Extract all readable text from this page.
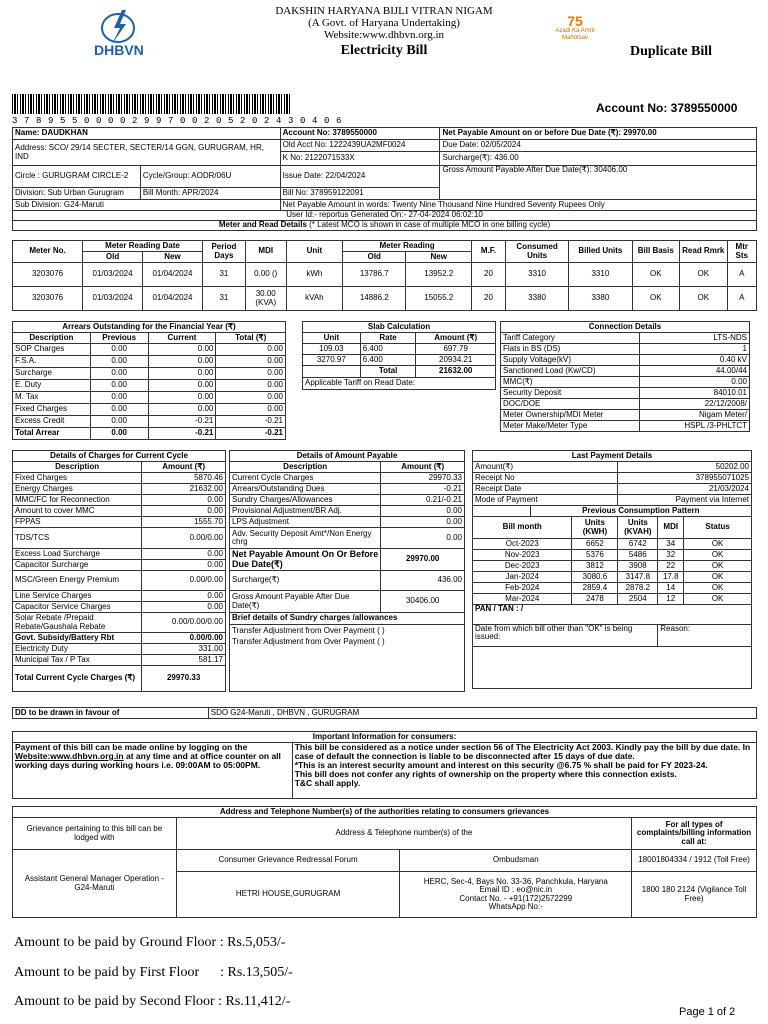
DHBVN
DAKSHIN HARYANA BIJLI VITRAN NIGAM
(A Govt. of Haryana Undertaking)
Website:www.dhbvn.org.in
Electricity Bill
75
Azadi Ka Amrit Mahotsav
Duplicate Bill
3 7 8 9 5 5 0 0 0 0 2 9 9 7 0 0 2 0 5 2 0 2 4 3 0 4 0 6
Account No: 3789550000
Name: DAUDKHAN		Account No: 3789550000	Net Payable Amount on or before Due Date (₹): 29970.00
Address: SCO/ 29/14 SECTER, SECTER/14 GGN, GURUGRAM, HR, IND		Old Acct No: 1222439UA2MF0024	Due Date: 02/05/2024
		K No: 2122071533X	Surcharge(₹): 436.00
Circle : GURUGRAM CIRCLE-2	Cycle/Group: AODR/06U	Issue Date: 22/04/2024	Gross Amount Payable After Due Date(₹): 30406.00
Division: Sub Urban Gurugram	Bill Month: APR/2024	Bill No: 378959122091	
Sub Division: G24-Maruti		Net Payable Amount in words: Twenty Nine Thousand Nine Hundred Seventy Rupees Only	
User Id:- reportus Generated On:- 27-04-2024 06:02:10			
Meter and Read Details (* Latest MCO is shown in case of multiple MCO in one billing cycle)			
Meter No.	Meter Reading Date		Period Days	MDI	Unit	Meter Reading		M.F.	Consumed Units	Billed Units	Bill Basis	Read Rmrk	Mtr Sts
	Old	New				Old	New						
3203076	01/03/2024	01/04/2024	31	0.00 ()	kWh	13786.7	13952.2	20	3310	3310	OK	OK	A
3203076	01/03/2024	01/04/2024	31	30.00 (KVA)	kVAh	14886.2	15055.2	20	3380	3380	OK	OK	A
Arrears Outstanding for the Financial Year (₹)			
Description	Previous	Current	Total (₹)
SOP Charges	0.00	0.00	0.00
F.S.A.	0.00	0.00	0.00
Surcharge	0.00	0.00	0.00
E. Duty	0.00	0.00	0.00
M. Tax	0.00	0.00	0.00
Fixed Charges	0.00	0.00	0.00
Excess Credit	0.00	-0.21	-0.21
Total Arrear	0.00	-0.21	-0.21
Slab Calculation		
Unit	Rate	Amount (₹)
109.03	6.400	697.79
3270.97	6.400	20934.21
	Total	21632.00
Applicable Tariff on Read Date:		
Connection Details	
Tariff Category	LTS-NDS
Flats in BS (DS)	1
Supply Voltage(kV)	0.40 kV
Sanctioned Load (Kw/CD)	44.00/44
MMC(₹)	0.00
Security Deposit	84010.01
DOC/DOE	22/12/2008/
Meter Ownership/MDI Meter	Nigam Meter/
Meter Make/Meter Type	HSPL /3-PHLTCT
Details of Charges for Current Cycle	
Description	Amount (₹)
Fixed Charges	5870.46
Energy Charges	21632.00
MMC/FC for Reconnection	0.00
Amount to cover MMC	0.00
FPPAS	1555.70
TDS/TCS	0.00/0.00
Excess Load Surcharge	0.00
Capacitor Surcharge	0.00
MSC/Green Energy Premium	0.00/0.00
Line Service Charges	0.00
Capacitor Service Charges	0.00
Solar Rebate /Prepaid Rebate/Gaushala Rebate	0.00/0.00/0.00
Govt. Subsidy/Battery Rbt	0.00/0.00
Electricity Duty	331.00
Municipal Tax / P Tax	581.17
Total Current Cycle Charges (₹)	29970.33
Details of Amount Payable	
Description	Amount (₹)
Current Cycle Charges	29970.33
Arrears/Outstanding Dues	-0.21
Sundry Charges/Allowances	0.21/-0.21
Provisional Adjustment/BR Adj.	0.00
LPS Adjustment	0.00
Adv. Security Deposit Amt*/Non Energy chrg	0.00
Net Payable Amount On Or Before Due Date(₹)	29970.00
Surcharge(₹)	436.00
Gross Amount Payable After Due Date(₹)	30406.00
Brief details of Sundry charges /allowances	
Transfer Adjustment from Over Payment ( )	
Transfer Adjustment from Over Payment ( )	

Last Payment Details					
Amount(₹)			50202.00		
Receipt No			378955071025		
Receipt Date			21/03/2024		
Mode of Payment			Payment via Internet		
	Previous Consumption Pattern				
Bill month		Units (KWH)	Units (KVAH)	MDI	Status
Oct-2023		6652	6742	34	OK
Nov-2023		5376	5486	32	OK
Dec-2023		3812	3908	22	OK
Jan-2024		3080.6	3147.8	17.8	OK
Feb-2024		2859.4	2878.2	14	OK
Mar-2024		2478	2504	12	OK
PAN / TAN : /					
Date from which bill other than "OK" is being issued:				Reason:	

DD to be drawn in favour of	SDO G24-Maruti , DHBVN , GURUGRAM
Important Information for consumers:
Payment of this bill can be made online by logging on the Website:www.dhbvn.org.in at any time and at office counter on all working days during working hours i.e. 09:00AM to 05:00PM.	
This bill be considered as a notice under section 56 of The Electricity Act 2003. Kindly pay the bill by due date. In case of default the connection is liable to be disconnected after 15 days of due date.
*This is an interest security amount and interest on this security @6.75 % shall be paid for FY 2023-24.
This bill does not confer any rights of ownership on the property where this connection exists.
T&C shall apply.
Address and Telephone Number(s) of the authorities relating to consumers grievances			
Grievance pertaining to this bill can be lodged with	Address & Telephone number(s) of the		For all types of complaints/billing information call at:
Assistant General Manager Operation - G24-Maruti	Consumer Grievance Redressal Forum	Ombudsman	18001804334 / 1912 (Toll Free)
	HETRI HOUSE,GURUGRAM	HERC, Sec-4, Bays No. 33-36, Panchkula, Haryana
Email ID : eo@nic.in
Contact No. - +91(172)2572299
WhatsApp No:-	1800 180 2124 (Vigilance Toll Free)
Amount to be paid by Ground Floor : Rs.5,053/-
Amount to be paid by First Floor      : Rs.13,505/-
Amount to be paid by Second Floor : Rs.11,412/-
Page 1 of 2
